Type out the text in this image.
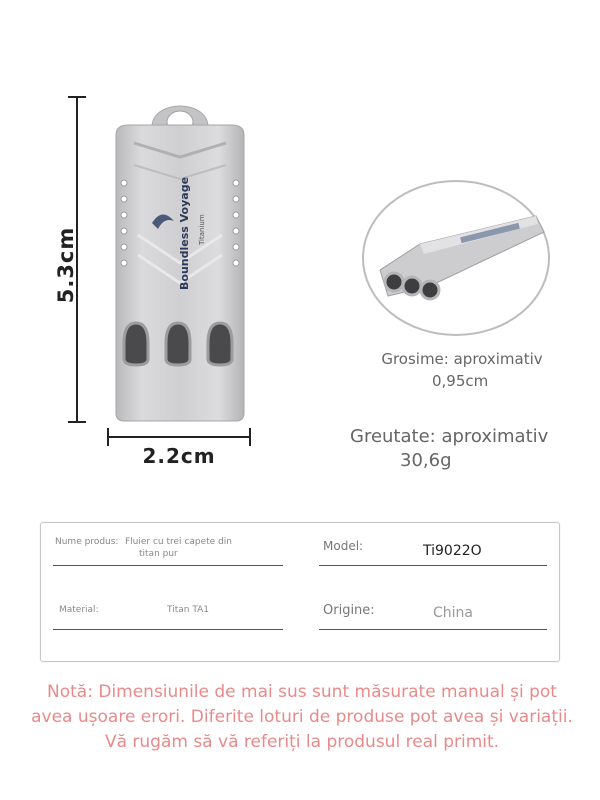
5.3cm	Boundless Voyage Titanium
2.2cm
Grosime: aproximativ
0,95cm
Greutate: aproximativ
30,6g
Nume produs: Fluier cu trei capete din
titan pur
Model:	Ti9022O
Material:	Titan TA1	Origine:	China
Notă: Dimensiunile de mai sus sunt măsurate manual și pot avea ușoare erori. Diferite loturi de produse pot avea și variații. Vă rugăm să vă referiți la produsul real primit.
